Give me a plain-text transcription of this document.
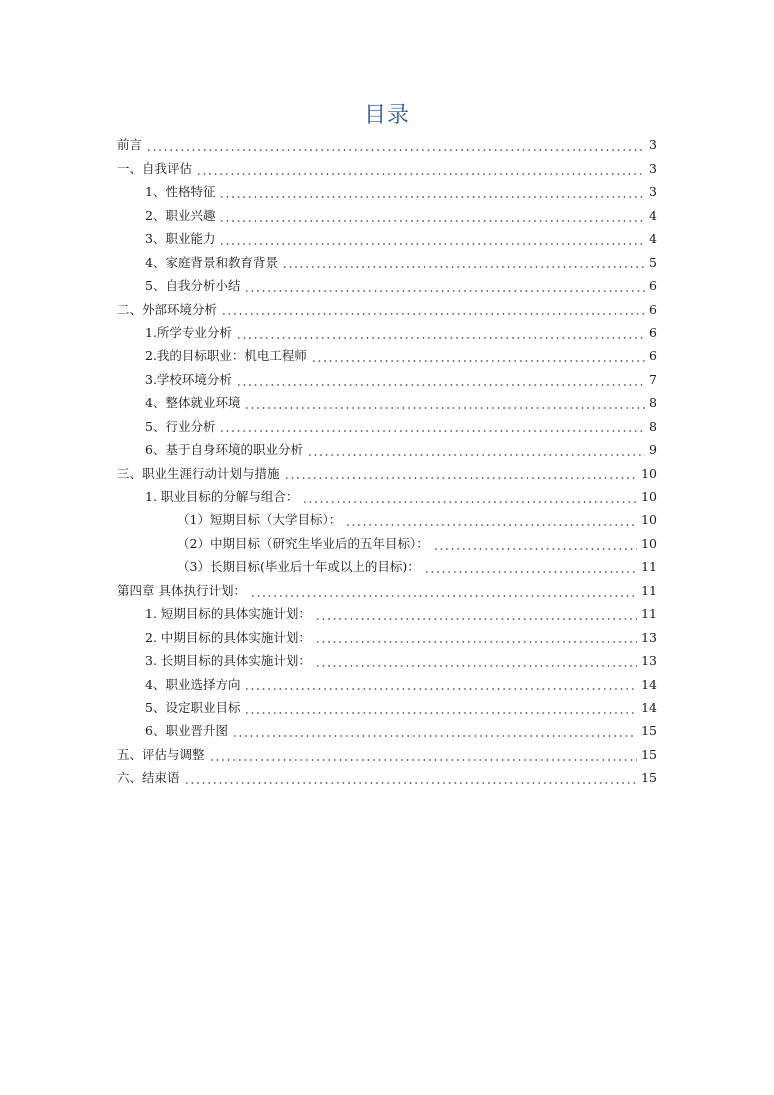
目录
前言	3
一、自我评估	3
1、性格特征	3
2、职业兴趣	4
3、职业能力	4
4、家庭背景和教育背景	5
5、自我分析小结	6
二、外部环境分析	6
1.所学专业分析	6
2.我的目标职业：机电工程师	6
3.学校环境分析	7
4、整体就业环境	8
5、行业分析	8
6、基于自身环境的职业分析	9
三、职业生涯行动计划与措施	10
1. 职业目标的分解与组合：	10
（1）短期目标（大学目标）：	10
（2）中期目标（研究生毕业后的五年目标）：	10
（3）长期目标(毕业后十年或以上的目标)：	11
第四章 具体执行计划：	11
1. 短期目标的具体实施计划：	11
2. 中期目标的具体实施计划：	13
3. 长期目标的具体实施计划：	13
4、职业选择方向	14
5、设定职业目标	14
6、职业晋升图	15
五、评估与调整	15
六、结束语	15
